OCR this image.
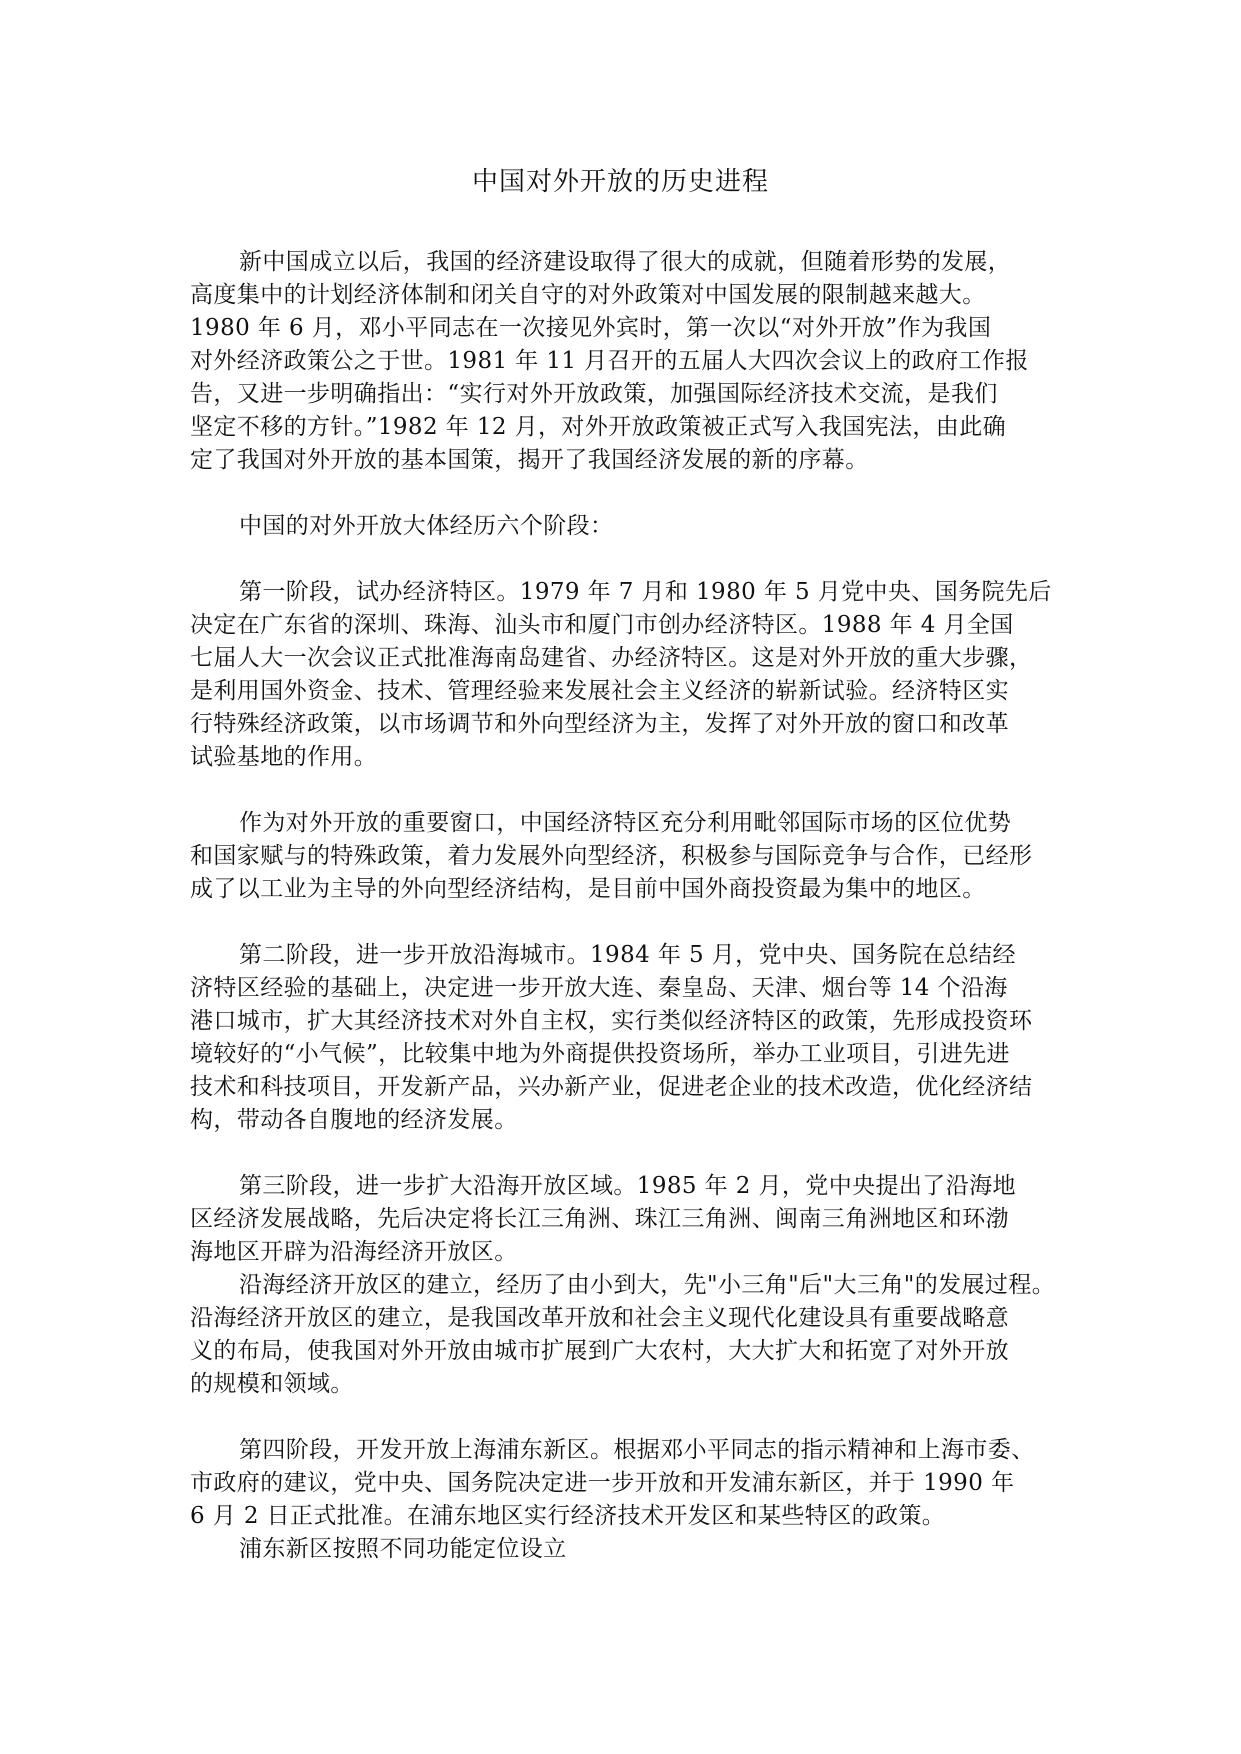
中国对外开放的历史进程
新中国成立以后，我国的经济建设取得了很大的成就，但随着形势的发展，
高度集中的计划经济体制和闭关自守的对外政策对中国发展的限制越来越大。
1980 年 6 月，邓小平同志在一次接见外宾时，第一次以“对外开放”作为我国
对外经济政策公之于世。1981 年 11 月召开的五届人大四次会议上的政府工作报
告，又进一步明确指出：“实行对外开放政策，加强国际经济技术交流，是我们
坚定不移的方针。”1982 年 12 月，对外开放政策被正式写入我国宪法，由此确
定了我国对外开放的基本国策，揭开了我国经济发展的新的序幕。
中国的对外开放大体经历六个阶段：
第一阶段，试办经济特区。1979 年 7 月和 1980 年 5 月党中央、国务院先后
决定在广东省的深圳、珠海、汕头市和厦门市创办经济特区。1988 年 4 月全国
七届人大一次会议正式批准海南岛建省、办经济特区。这是对外开放的重大步骤，
是利用国外资金、技术、管理经验来发展社会主义经济的崭新试验。经济特区实
行特殊经济政策，以市场调节和外向型经济为主，发挥了对外开放的窗口和改革
试验基地的作用。
作为对外开放的重要窗口，中国经济特区充分利用毗邻国际市场的区位优势
和国家赋与的特殊政策，着力发展外向型经济，积极参与国际竞争与合作，已经形
成了以工业为主导的外向型经济结构，是目前中国外商投资最为集中的地区。
第二阶段，进一步开放沿海城市。1984 年 5 月，党中央、国务院在总结经
济特区经验的基础上，决定进一步开放大连、秦皇岛、天津、烟台等 14 个沿海
港口城市，扩大其经济技术对外自主权，实行类似经济特区的政策，先形成投资环
境较好的“小气候”，比较集中地为外商提供投资场所，举办工业项目，引进先进
技术和科技项目，开发新产品，兴办新产业，促进老企业的技术改造，优化经济结
构，带动各自腹地的经济发展。
第三阶段，进一步扩大沿海开放区域。1985 年 2 月，党中央提出了沿海地
区经济发展战略，先后决定将长江三角洲、珠江三角洲、闽南三角洲地区和环渤
海地区开辟为沿海经济开放区。
沿海经济开放区的建立，经历了由小到大，先"小三角"后"大三角"的发展过程。
沿海经济开放区的建立，是我国改革开放和社会主义现代化建设具有重要战略意
义的布局，使我国对外开放由城市扩展到广大农村，大大扩大和拓宽了对外开放
的规模和领域。
第四阶段，开发开放上海浦东新区。根据邓小平同志的指示精神和上海市委、
市政府的建议，党中央、国务院决定进一步开放和开发浦东新区，并于 1990 年
6 月 2 日正式批准。在浦东地区实行经济技术开发区和某些特区的政策。
浦东新区按照不同功能定位设立
